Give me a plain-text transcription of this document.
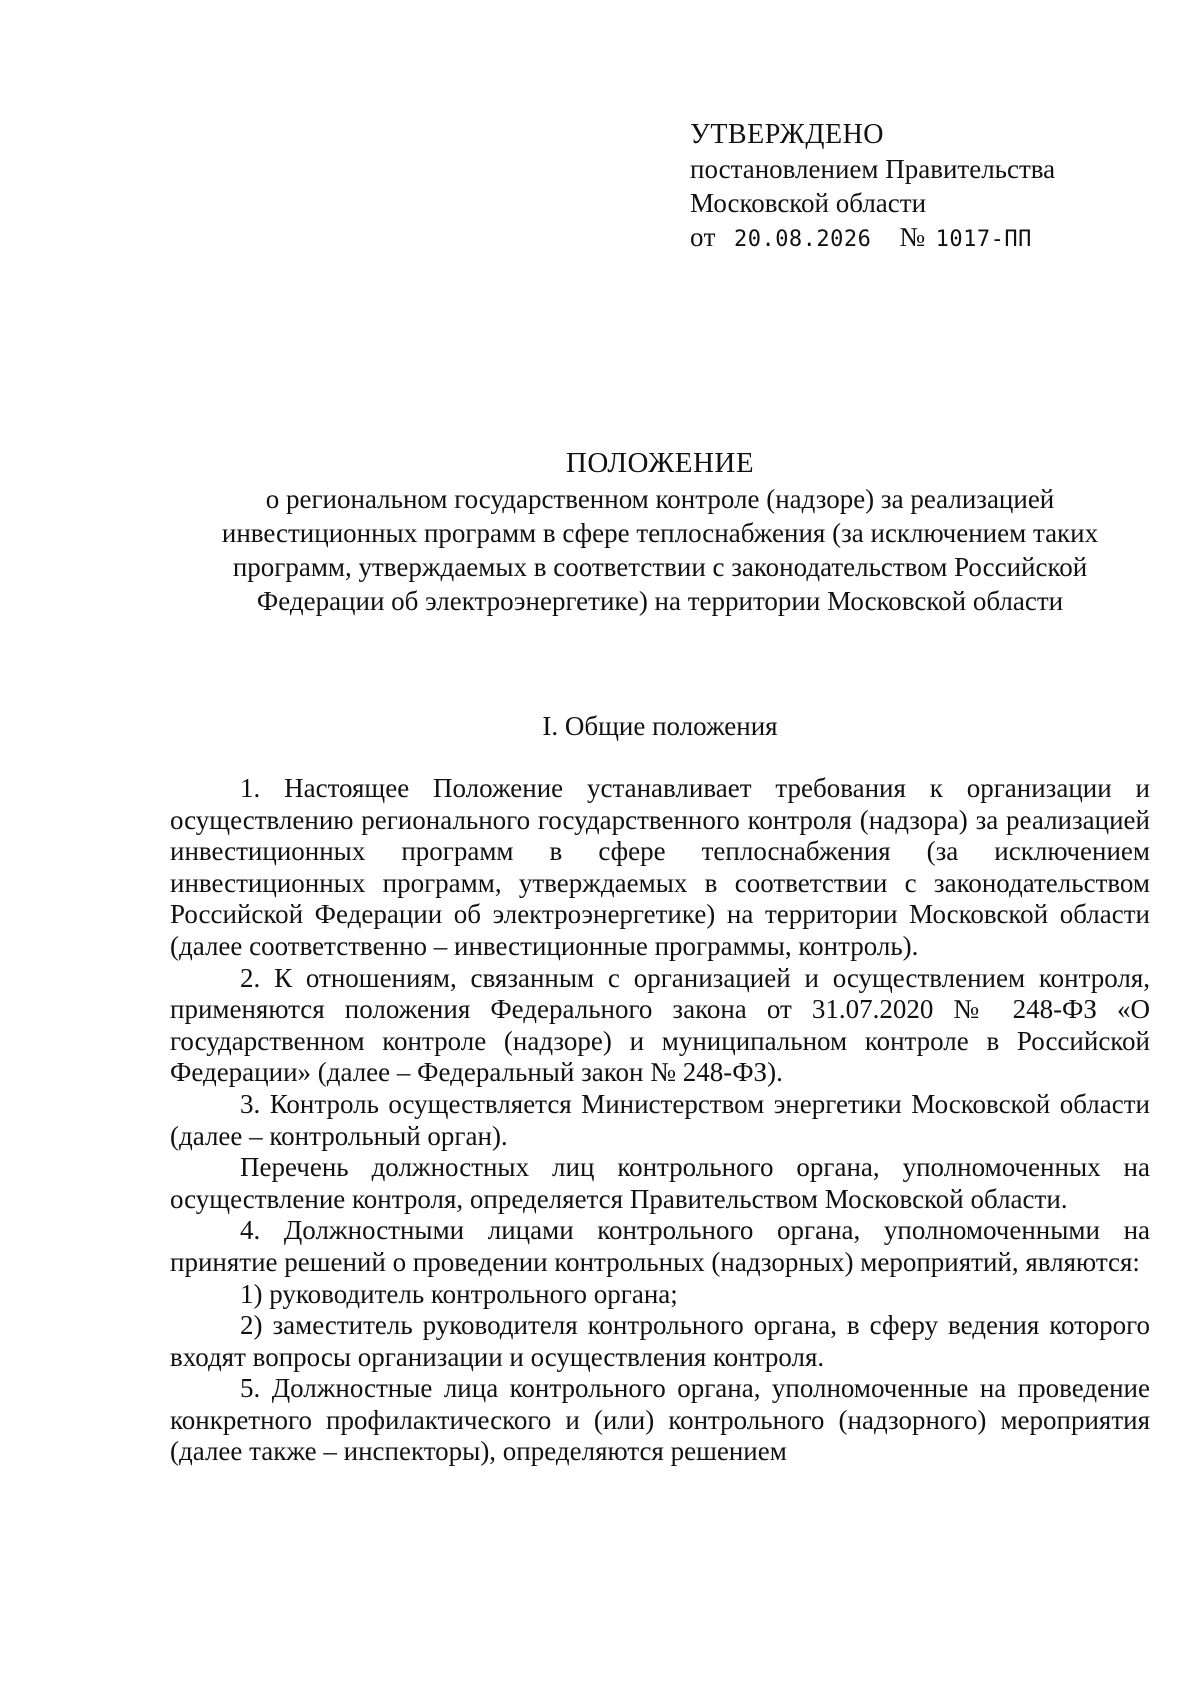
УТВЕРЖДЕНО
постановлением Правительства
Московской области
от 20.08.2026 № 1017-ПП
ПОЛОЖЕНИЕ
о региональном государственном контроле (надзоре) за реализацией
инвестиционных программ в сфере теплоснабжения (за исключением таких
программ, утверждаемых в соответствии с законодательством Российской
Федерации об электроэнергетике) на территории Московской области
I. Общие положения

1. Настоящее Положение устанавливает требования к организации и осуществлению регионального государственного контроля (надзора) за реализацией инвестиционных программ в сфере теплоснабжения (за исключением инвестиционных программ, утверждаемых в соответствии с законодательством Российской Федерации об электроэнергетике) на территории Московской области (далее соответственно – инвестиционные программы, контроль).

2. К отношениям, связанным с организацией и осуществлением контроля, применяются положения Федерального закона от 31.07.2020 № 248-ФЗ «О государственном контроле (надзоре) и муниципальном контроле в Российской Федерации» (далее – Федеральный закон № 248-ФЗ).

3. Контроль осуществляется Министерством энергетики Московской области (далее – контрольный орган).

Перечень должностных лиц контрольного органа, уполномоченных на осуществление контроля, определяется Правительством Московской области.

4. Должностными лицами контрольного органа, уполномоченными на принятие решений о проведении контрольных (надзорных) мероприятий, являются:

1) руководитель контрольного органа;

2) заместитель руководителя контрольного органа, в сферу ведения которого входят вопросы организации и осуществления контроля.

5. Должностные лица контрольного органа, уполномоченные на проведение конкретного профилактического и (или) контрольного (надзорного) мероприятия (далее также – инспекторы), определяются решением
